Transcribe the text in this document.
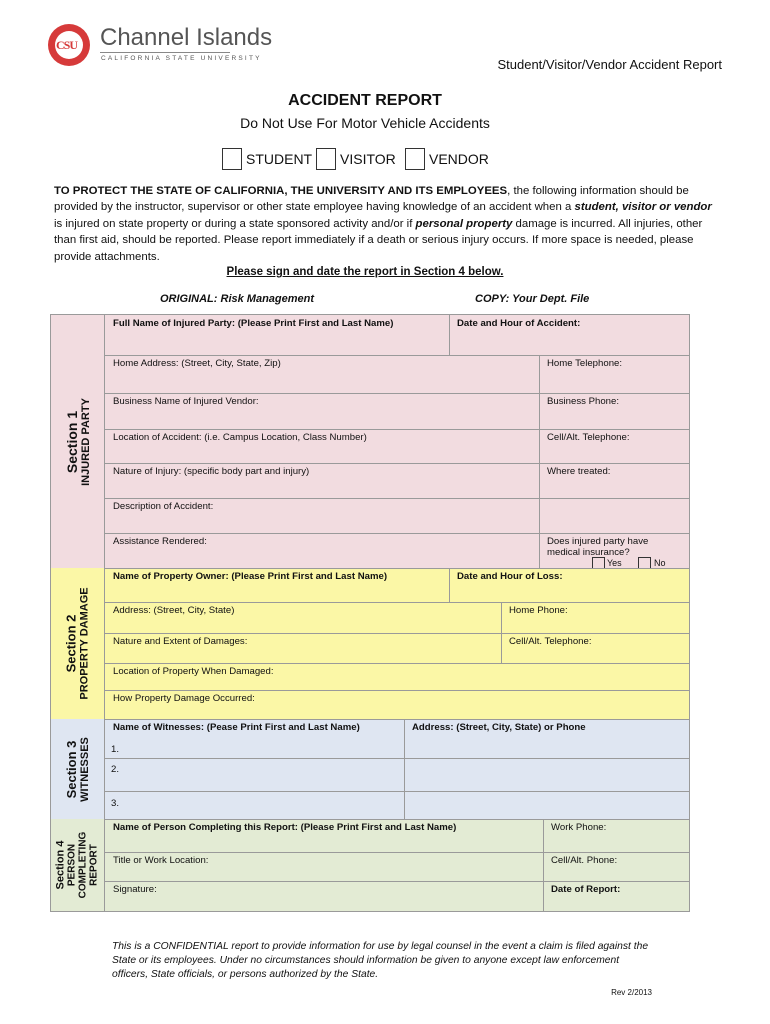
CSU Channel Islands
CALIFORNIA STATE UNIVERSITY	Student/Visitor/Vendor Accident Report
ACCIDENT REPORT
Do Not Use For Motor Vehicle Accidents
STUDENT VISITOR VENDOR
TO PROTECT THE STATE OF CALIFORNIA, THE UNIVERSITY AND ITS EMPLOYEES, the following information should be provided by the instructor, supervisor or other state employee having knowledge of an accident when a student, visitor or vendor is injured on state property or during a state sponsored activity and/or if personal property damage is incurred. All injuries, other than first aid, should be reported. Please report immediately if a death or serious injury occurs. If more space is needed, please provide attachments.
Please sign and date the report in Section 4 below.
ORIGINAL: Risk Management	COPY: Your Dept. File
Section 1 INJURED PARTY
Full Name of Injured Party: (Please Print First and Last Name)	Date and Hour of Accident:
Home Address: (Street, City, State, Zip)	Home Telephone:
Business Name of Injured Vendor:	Business Phone:
Location of Accident: (i.e. Campus Location, Class Number)	Cell/Alt. Telephone:
Nature of Injury: (specific body part and injury)	Where treated:
Description of Accident:
Assistance Rendered:	Does injured party have medical insurance?
Yes	No
Section 2 PROPERTY DAMAGE
Name of Property Owner: (Please Print First and Last Name)	Date and Hour of Loss:
Address: (Street, City, State)	Home Phone:
Nature and Extent of Damages:	Cell/Alt. Telephone:
Location of Property When Damaged:
How Property Damage Occurred:
Section 3 WITNESSES
Name of Witnesses: (Pease Print First and Last Name)	Address: (Street, City, State) or Phone
1.
2.
3.
Section 4 PERSON COMPLETING REPORT
Name of Person Completing this Report: (Please Print First and Last Name)	Work Phone:
Title or Work Location:	Cell/Alt. Phone:
Signature:	Date of Report:
This is a CONFIDENTIAL report to provide information for use by legal counsel in the event a claim is filed against the State or its employees. Under no circumstances should information be given to anyone except law enforcement officers, State officials, or persons authorized by the State.
Rev 2/2013
